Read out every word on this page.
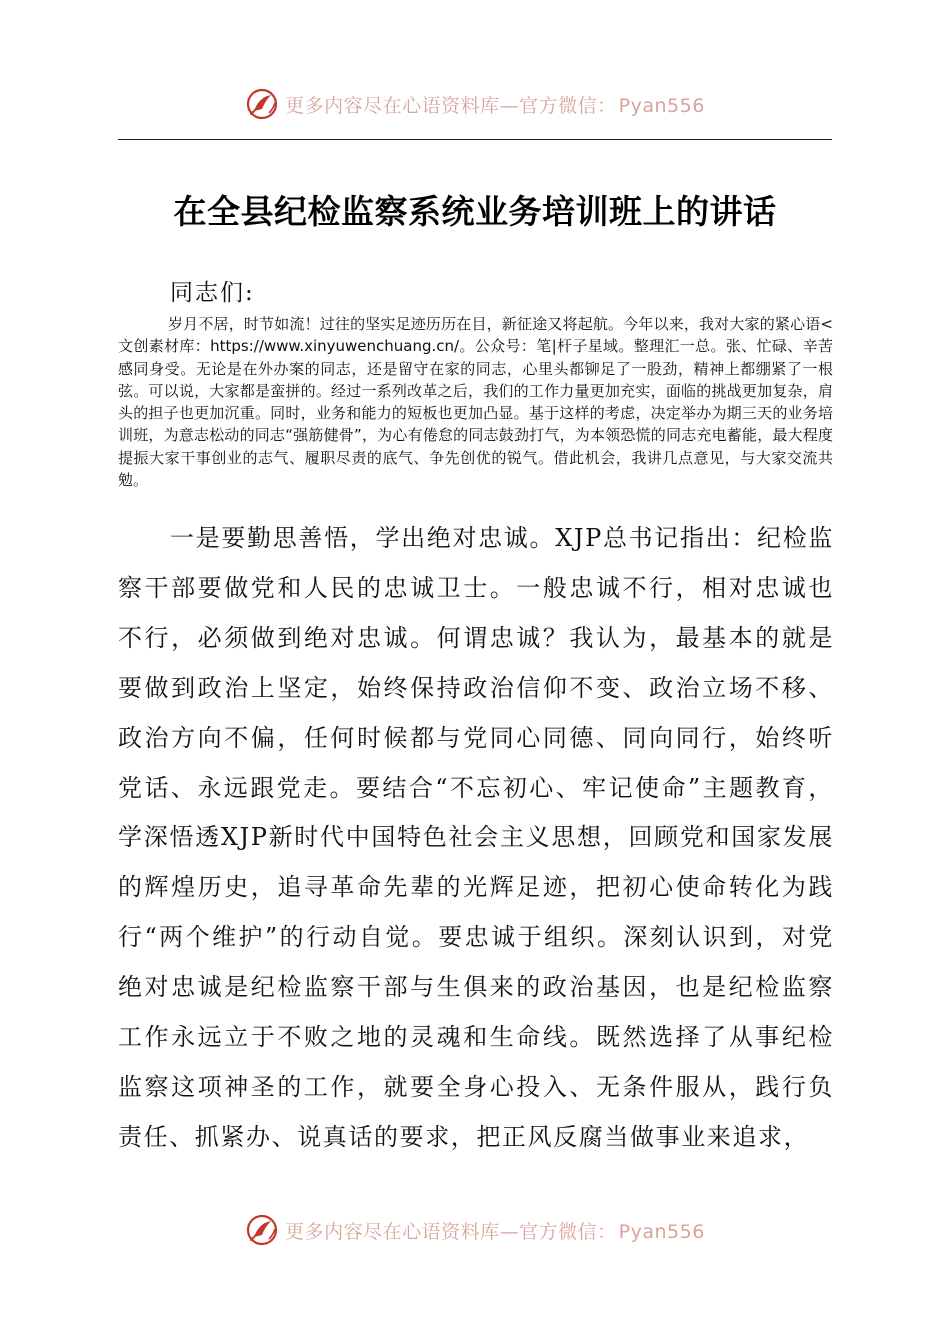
更多内容尽在心语资料库—官方微信： Pyan556
在全县纪检监察系统业务培训班上的讲话

同志们:

岁月不居，时节如流！过往的坚实足迹历历在目，新征途又将起航。今年以来，我对大家的紧心语<文创素材库：https://www.xinyuwenchuang.cn/。公众号：笔|杆子星域。整理汇一总。张、忙碌、辛苦感同身受。无论是在外办案的同志，还是留守在家的同志，心里头都铆足了一股劲，精神上都绷紧了一根弦。可以说，大家都是蛮拼的。经过一系列改革之后，我们的工作力量更加充实，面临的挑战更加复杂，肩头的担子也更加沉重。同时，业务和能力的短板也更加凸显。基于这样的考虑，决定举办为期三天的业务培训班，为意志松动的同志“强筋健骨”，为心有倦怠的同志鼓劲打气，为本领恐慌的同志充电蓄能，最大程度提振大家干事创业的志气、履职尽责的底气、争先创优的锐气。借此机会，我讲几点意见，与大家交流共勉。

一是要勤思善悟，学出绝对忠诚。XJP总书记指出：纪检监察干部要做党和人民的忠诚卫士。一般忠诚不行，相对忠诚也不行，必须做到绝对忠诚。何谓忠诚？我认为，最基本的就是要做到政治上坚定，始终保持政治信仰不变、政治立场不移、政治方向不偏，任何时候都与党同心同德、同向同行，始终听党话、永远跟党走。要结合“不忘初心、牢记使命”主题教育，学深悟透XJP新时代中国特色社会主义思想，回顾党和国家发展的辉煌历史，追寻革命先辈的光辉足迹，把初心使命转化为践行“两个维护”的行动自觉。要忠诚于组织。深刻认识到，对党绝对忠诚是纪检监察干部与生俱来的政治基因，也是纪检监察工作永远立于不败之地的灵魂和生命线。既然选择了从事纪检监察这项神圣的工作，就要全身心投入、无条件服从，践行负责任、抓紧办、说真话的要求，把正风反腐当做事业来追求，

更多内容尽在心语资料库—官方微信： Pyan556
